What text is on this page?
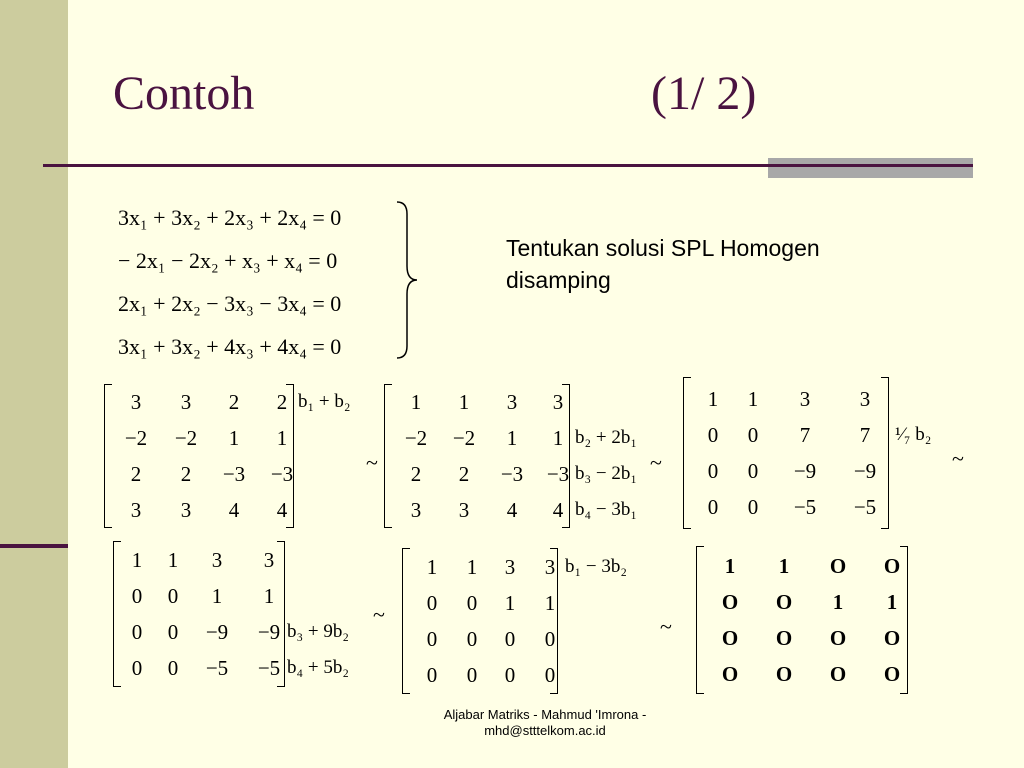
Contoh	(1/ 2)
3x₁ + 3x₂ + 2x₃ + 2x₄ = 0
− 2x₁ − 2x₂ + x₃ + x₄ = 0
2x₁ + 2x₂ − 3x₃ − 3x₄ = 0
3x₁ + 3x₂ + 4x₃ + 4x₄ = 0
Tentukan solusi SPL Homogen disamping
b₁ + b₂
3	3	2	2
−2	−2	1	1
2	2	−3	−3
3	3	4	4
b₂ + 2b₁
b₃ − 2b₁
b₄ − 3b₁
1	1	3	3
−2	−2	1	1
2	2	−3	−3
3	3	4	4
¹⁄₇ b₂
1	1	3	3
0	0	7	7
0	0	−9	−9
0	0	−5	−5
b₃ + 9b₂
b₄ + 5b₂
1	1	3	3
0	0	1	1
0	0	−9	−9
0	0	−5	−5
b₁ − 3b₂
1	1	3	3
0	0	1	1
0	0	0	0
0	0	0	0
1	1	O	O
O	O	1	1
O	O	O	O
O	O	O	O
~	~	~
~	~
Aljabar Matriks - Mahmud 'Imrona -
mhd@stttelkom.ac.id
